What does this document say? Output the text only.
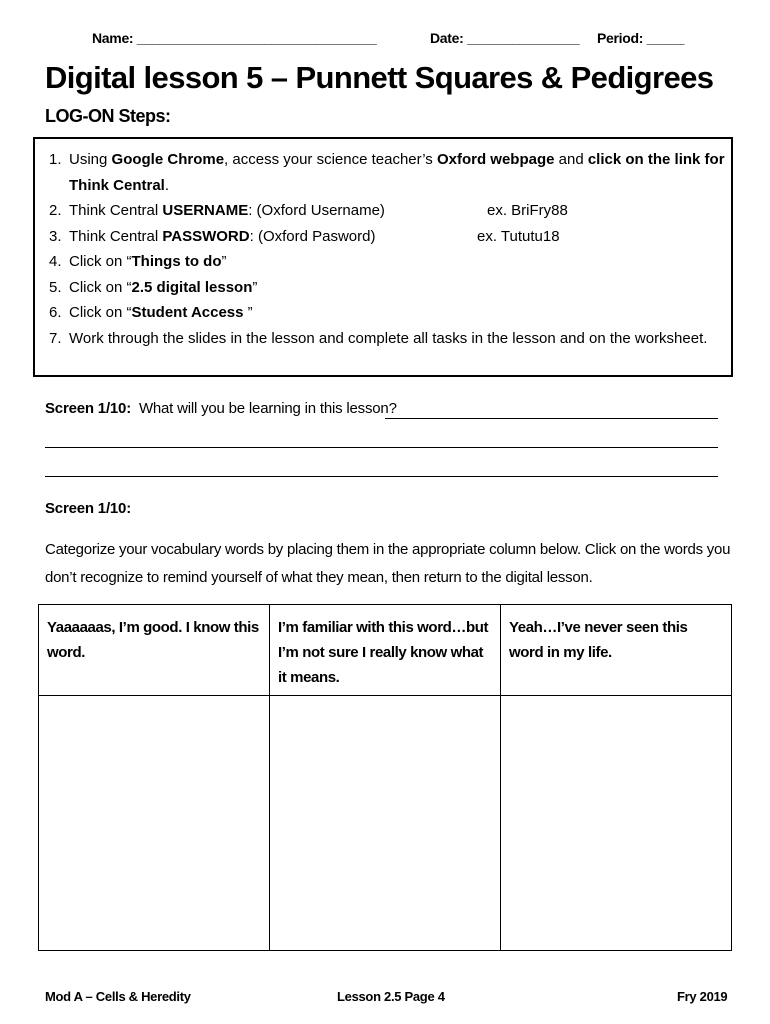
Name: ________________________________	Date: _______________ Period: _____
Digital lesson 5 – Punnett Squares & Pedigrees
LOG-ON Steps:
1. Using Google Chrome, access your science teacher’s Oxford webpage and click on the link for Think Central.
2. Think Central USERNAME: (Oxford Username)	ex. BriFry88
3. Think Central PASSWORD: (Oxford Pasword)	ex. Tututu18
4. Click on “Things to do”
5. Click on “2.5 digital lesson”
6. Click on “Student Access ”
7. Work through the slides in the lesson and complete all tasks in the lesson and on the worksheet.
Screen 1/10: What will you be learning in this lesson?
Screen 1/10:
Categorize your vocabulary words by placing them in the appropriate column below. Click on the words you don’t recognize to remind yourself of what they mean, then return to the digital lesson.
Yaaaaaas, I’m good. I know this word.	I’m familiar with this word…but I’m not sure I really know what it means.	Yeah…I’ve never seen this word in my life.

Mod A – Cells & Heredity	Lesson 2.5 Page 4	Fry 2019
